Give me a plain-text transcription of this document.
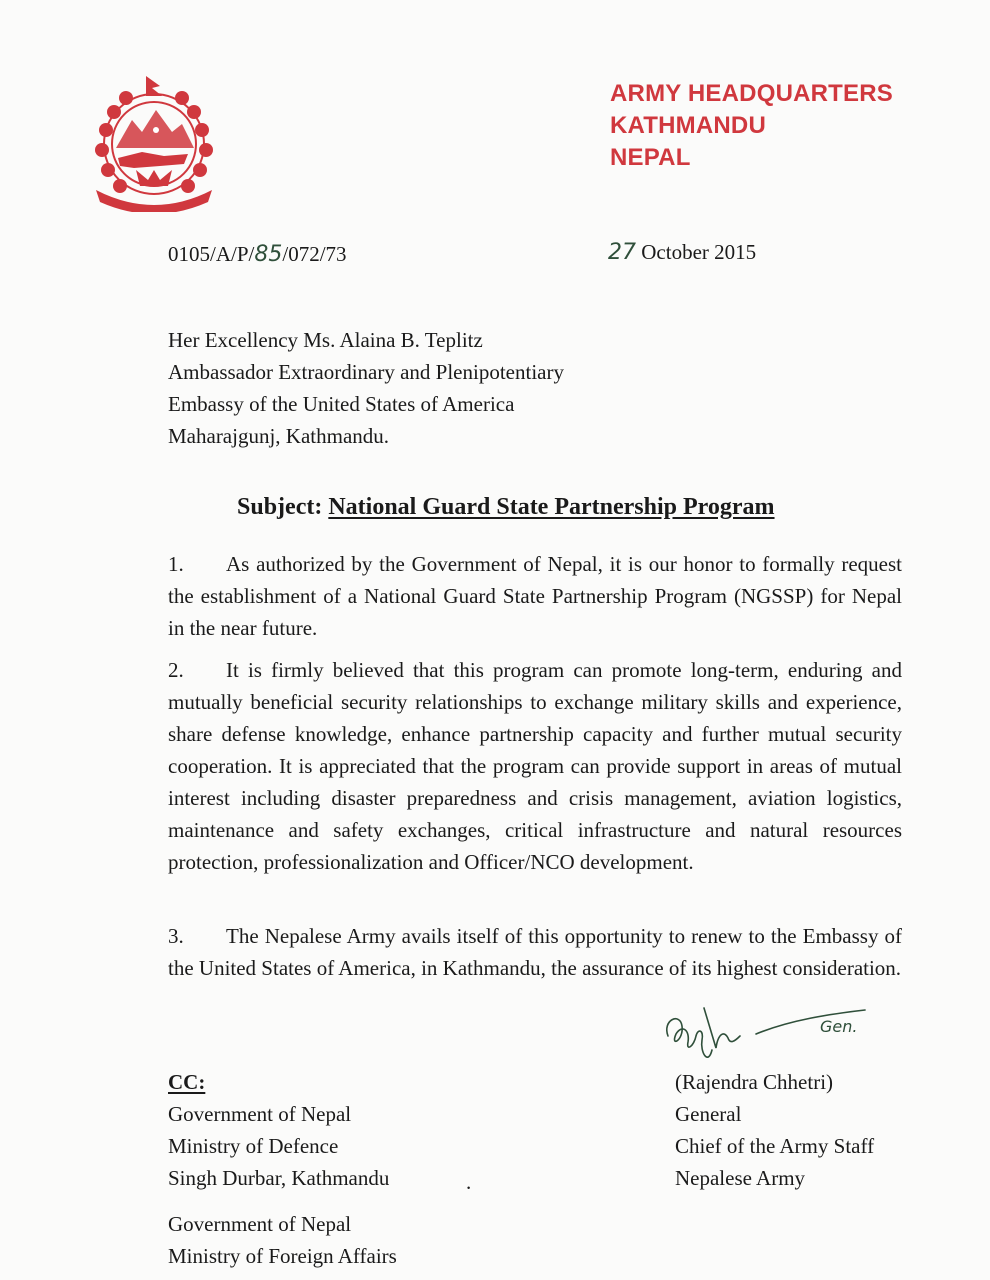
ARMY HEADQUARTERS
KATHMANDU
NEPAL
0105/A/P/85/072/73	27 October 2015
Her Excellency Ms. Alaina B. Teplitz
Ambassador Extraordinary and Plenipotentiary
Embassy of the United States of America
Maharajgunj, Kathmandu.
Subject: National Guard State Partnership Program

1. As authorized by the Government of Nepal, it is our honor to formally request the establishment of a National Guard State Partnership Program (NGSSP) for Nepal in the near future.

2. It is firmly believed that this program can promote long-term, enduring and mutually beneficial security relationships to exchange military skills and experience, share defense knowledge, enhance partnership capacity and further mutual security cooperation. It is appreciated that the program can provide support in areas of mutual interest including disaster preparedness and crisis management, aviation logistics, maintenance and safety exchanges, critical infrastructure and natural resources protection, professionalization and Officer/NCO development.

3. The Nepalese Army avails itself of this opportunity to renew to the Embassy of the United States of America, in Kathmandu, the assurance of its highest consideration.

Gen.
CC:
Government of Nepal
Ministry of Defence
Singh Durbar, Kathmandu	.
Government of Nepal
Ministry of Foreign Affairs
(Rajendra Chhetri)
General
Chief of the Army Staff
Nepalese Army
